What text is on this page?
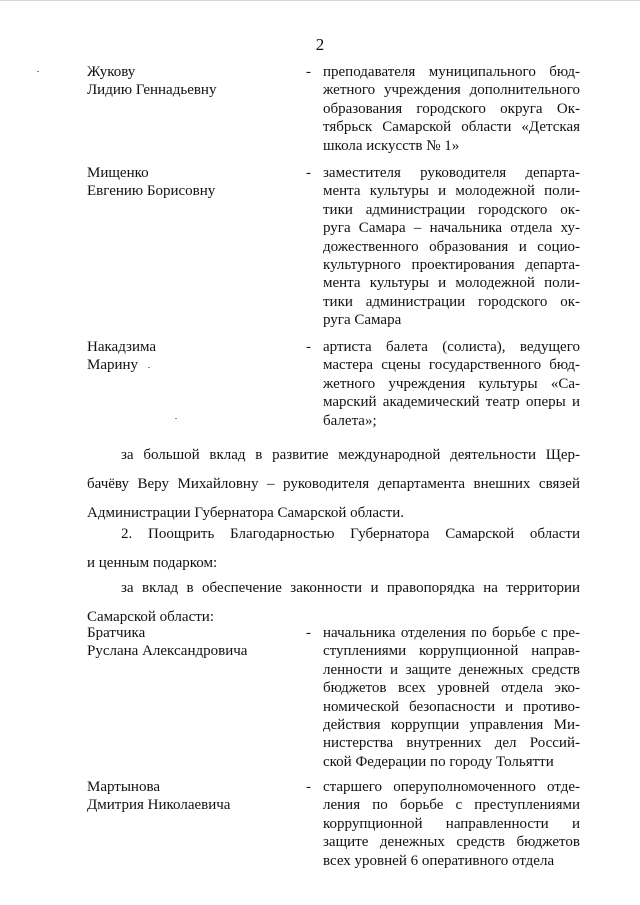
2
Жукову
Лидию Геннадьевну
- преподавателя муниципального бюд-
жетного учреждения дополнительного
образования городского округа Ок-
тябрьск Самарской области «Детская
школа искусств № 1»
Мищенко
Евгению Борисовну
- заместителя руководителя департа-
мента культуры и молодежной поли-
тики администрации городского ок-
руга Самара – начальника отдела ху-
дожественного образования и социо-
культурного проектирования департа-
мента культуры и молодежной поли-
тики администрации городского ок-
руга Самара
Накадзима
Марину
- артиста балета (солиста), ведущего
мастера сцены государственного бюд-
жетного учреждения культуры «Са-
марский академический театр оперы и
балета»;
за большой вклад в развитие международной деятельности Щер-
бачёву Веру Михайловну – руководителя департамента внешних связей
Администрации Губернатора Самарской области.
2. Поощрить Благодарностью Губернатора Самарской области
и ценным подарком:
за вклад в обеспечение законности и правопорядка на территории
Самарской области:
Братчика
Руслана Александровича
- начальника отделения по борьбе с пре-
ступлениями коррупционной направ-
ленности и защите денежных средств
бюджетов всех уровней отдела эко-
номической безопасности и противо-
действия коррупции управления Ми-
нистерства внутренних дел Россий-
ской Федерации по городу Тольятти
Мартынова
Дмитрия Николаевича
- старшего оперуполномоченного отде-
ления по борьбе с преступлениями
коррупционной направленности и
защите денежных средств бюджетов
всех уровней 6 оперативного отдела
